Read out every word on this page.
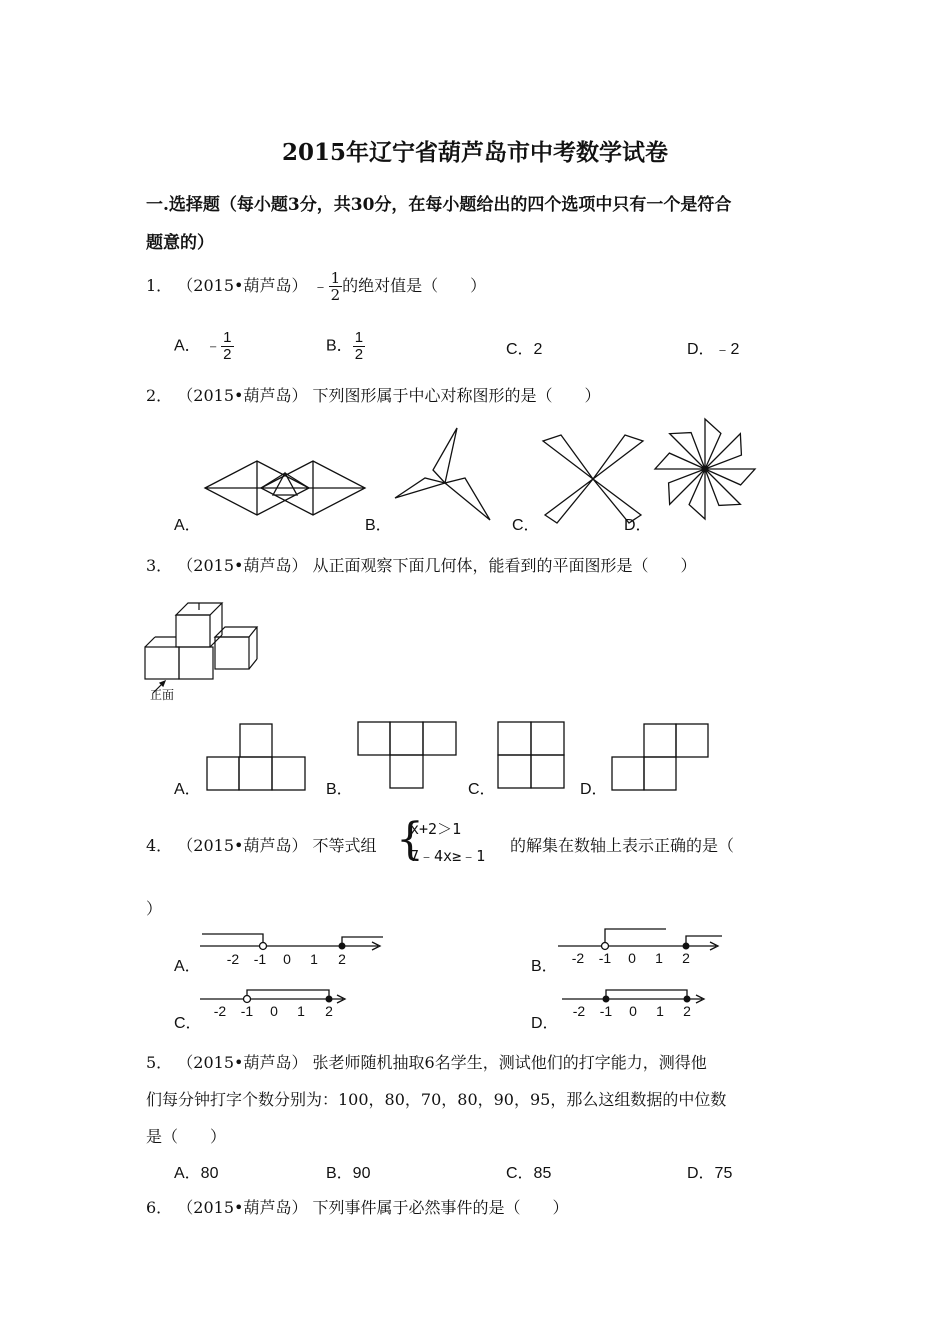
2015年辽宁省葫芦岛市中考数学试卷
一.选择题（每小题3分，共30分，在每小题给出的四个选项中只有一个是符合
题意的）
1． （2015•葫芦岛） ﹣ $\frac{1}{2}$ 的绝对值是（　　）
A． ﹣ $\frac{1}{2}$	B． $\frac{1}{2}$	C．2	D．﹣2
2． （2015•葫芦岛） 下列图形属于中心对称图形的是（　　）
A．	B．	C．	D．
3． （2015•葫芦岛） 从正面观察下面几何体，能看到的平面图形是（　　）
正面
A．	B．	C．	D．
4． （2015•葫芦岛） 不等式组 {
x+2＞1
7﹣4x≥﹣1
的解集在数轴上表示正确的是（
）
A．	B．
C．	D．
-2 -1 0 1 2	-2 -1 0 1 2
-2 -1 0 1 2	-2 -1 0 1 2
5． （2015•葫芦岛） 张老师随机抽取6名学生，测试他们的打字能力，测得他
们每分钟打字个数分别为：100，80，70，80，90，95，那么这组数据的中位数
是（　　）
A．80	B．90	C．85	D．75
6． （2015•葫芦岛） 下列事件属于必然事件的是（　　）
